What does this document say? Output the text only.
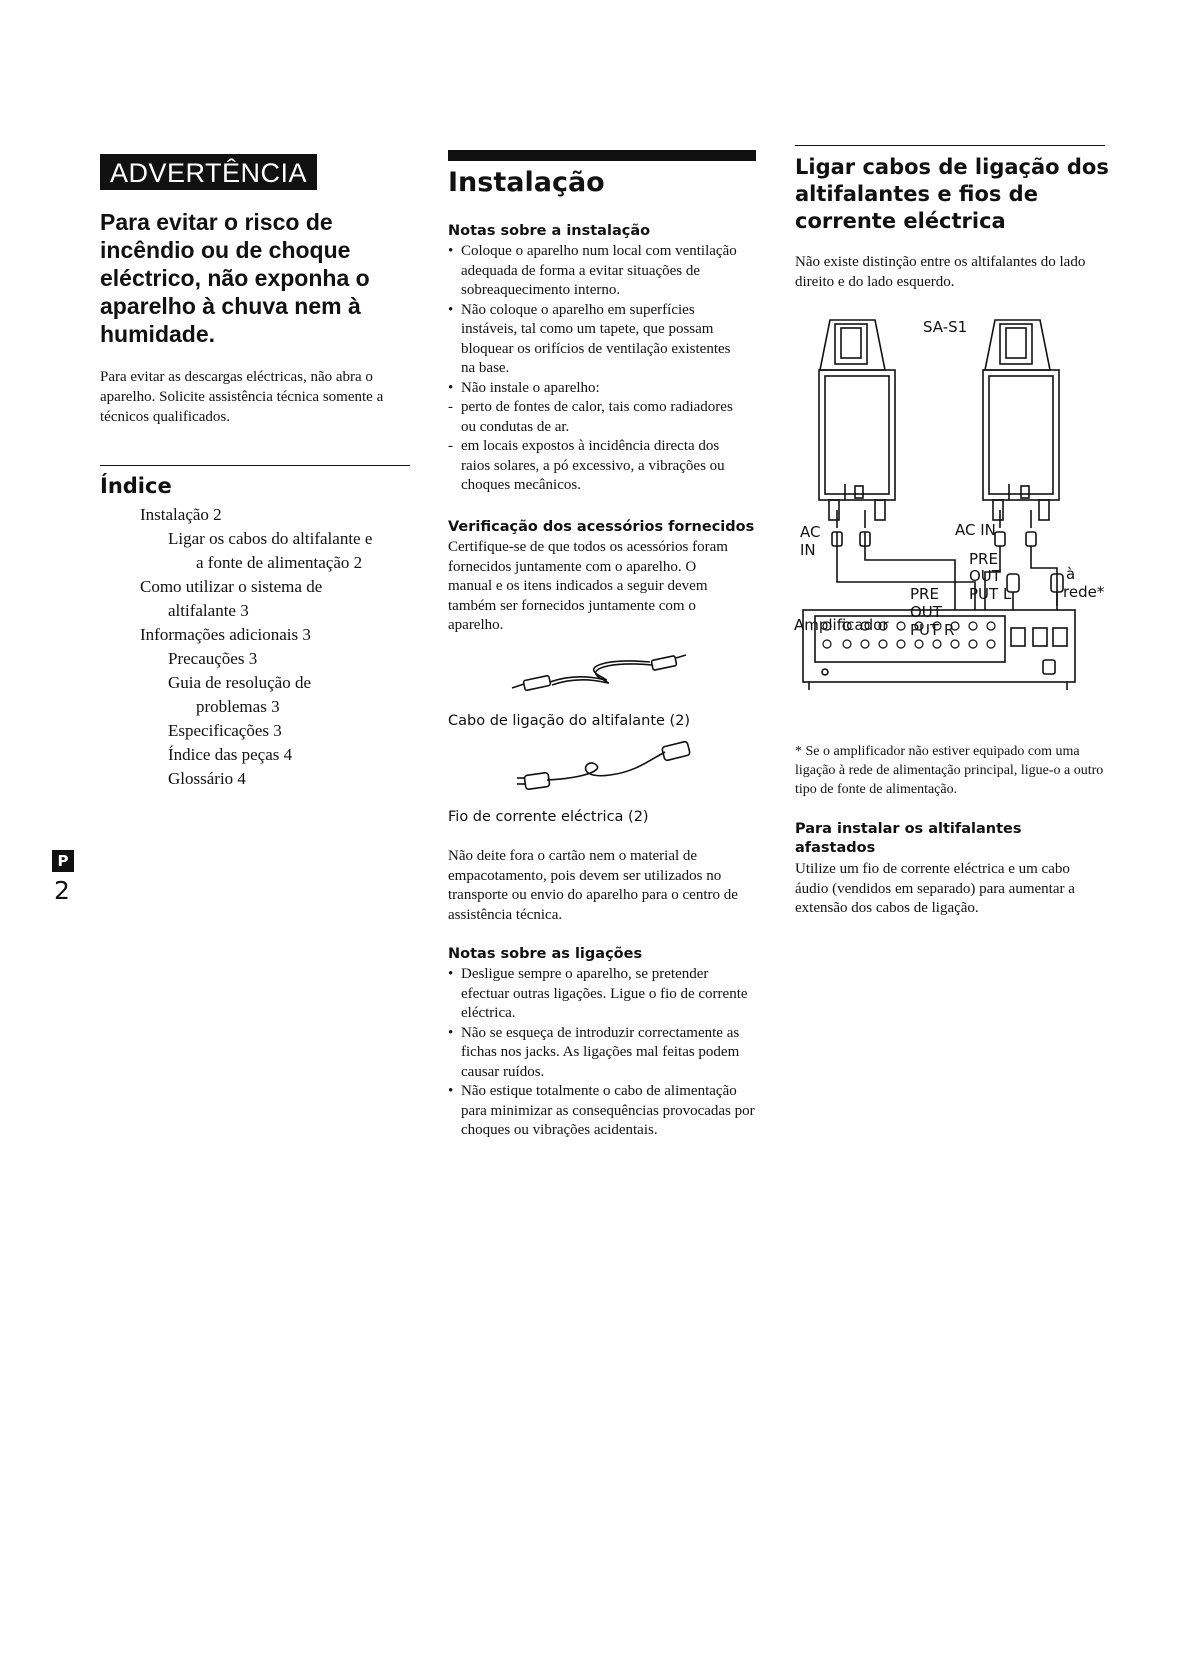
ADVERTÊNCIA
Para evitar o risco de incêndio ou de choque eléctrico, não exponha o aparelho à chuva nem à humidade.
Para evitar as descargas eléctricas, não abra o aparelho. Solicite assistência técnica somente a técnicos qualificados.
Índice
Instalação 2
Ligar os cabos do altifalante e
a fonte de alimentação 2
Como utilizar o sistema de
altifalante 3
Informações adicionais 3
Precauções 3
Guia de resolução de
problemas 3
Especificações 3
Índice das peças 4
Glossário 4
P
2
Instalação
Notas sobre a instalação
• Coloque o aparelho num local com ventilação adequada de forma a evitar situações de sobreaquecimento interno.
• Não coloque o aparelho em superfícies instáveis, tal como um tapete, que possam bloquear os orifícios de ventilação existentes na base.
• Não instale o aparelho:
- perto de fontes de calor, tais como radiadores ou condutas de ar.
- em locais expostos à incidência directa dos raios solares, a pó excessivo, a vibrações ou choques mecânicos.
Verificação dos acessórios fornecidos
Certifique-se de que todos os acessórios foram fornecidos juntamente com o aparelho. O manual e os itens indicados a seguir devem também ser fornecidos juntamente com o aparelho.
Cabo de ligação do altifalante (2)
Fio de corrente eléctrica (2)
Não deite fora o cartão nem o material de empacotamento, pois devem ser utilizados no transporte ou envio do aparelho para o centro de assistência técnica.
Notas sobre as ligações
• Desligue sempre o aparelho, se pretender efectuar outras ligações. Ligue o fio de corrente eléctrica.
• Não se esqueça de introduzir correctamente as fichas nos jacks. As ligações mal feitas podem causar ruídos.
• Não estique totalmente o cabo de alimentação para minimizar as consequências provocadas por choques ou vibrações acidentais.
Ligar cabos de ligação dos altifalantes e fios de corrente eléctrica
Não existe distinção entre os altifalantes do lado direito e do lado esquerdo.
SA-S1
AC
IN
AC IN
PRE
OUT
PRE PUT L
OUT
PUT R
à
rede*
Amplificador
* Se o amplificador não estiver equipado com uma ligação à rede de alimentação principal, ligue-o a outro tipo de fonte de alimentação.
Para instalar os altifalantes afastados
Utilize um fio de corrente eléctrica e um cabo áudio (vendidos em separado) para aumentar a extensão dos cabos de ligação.
